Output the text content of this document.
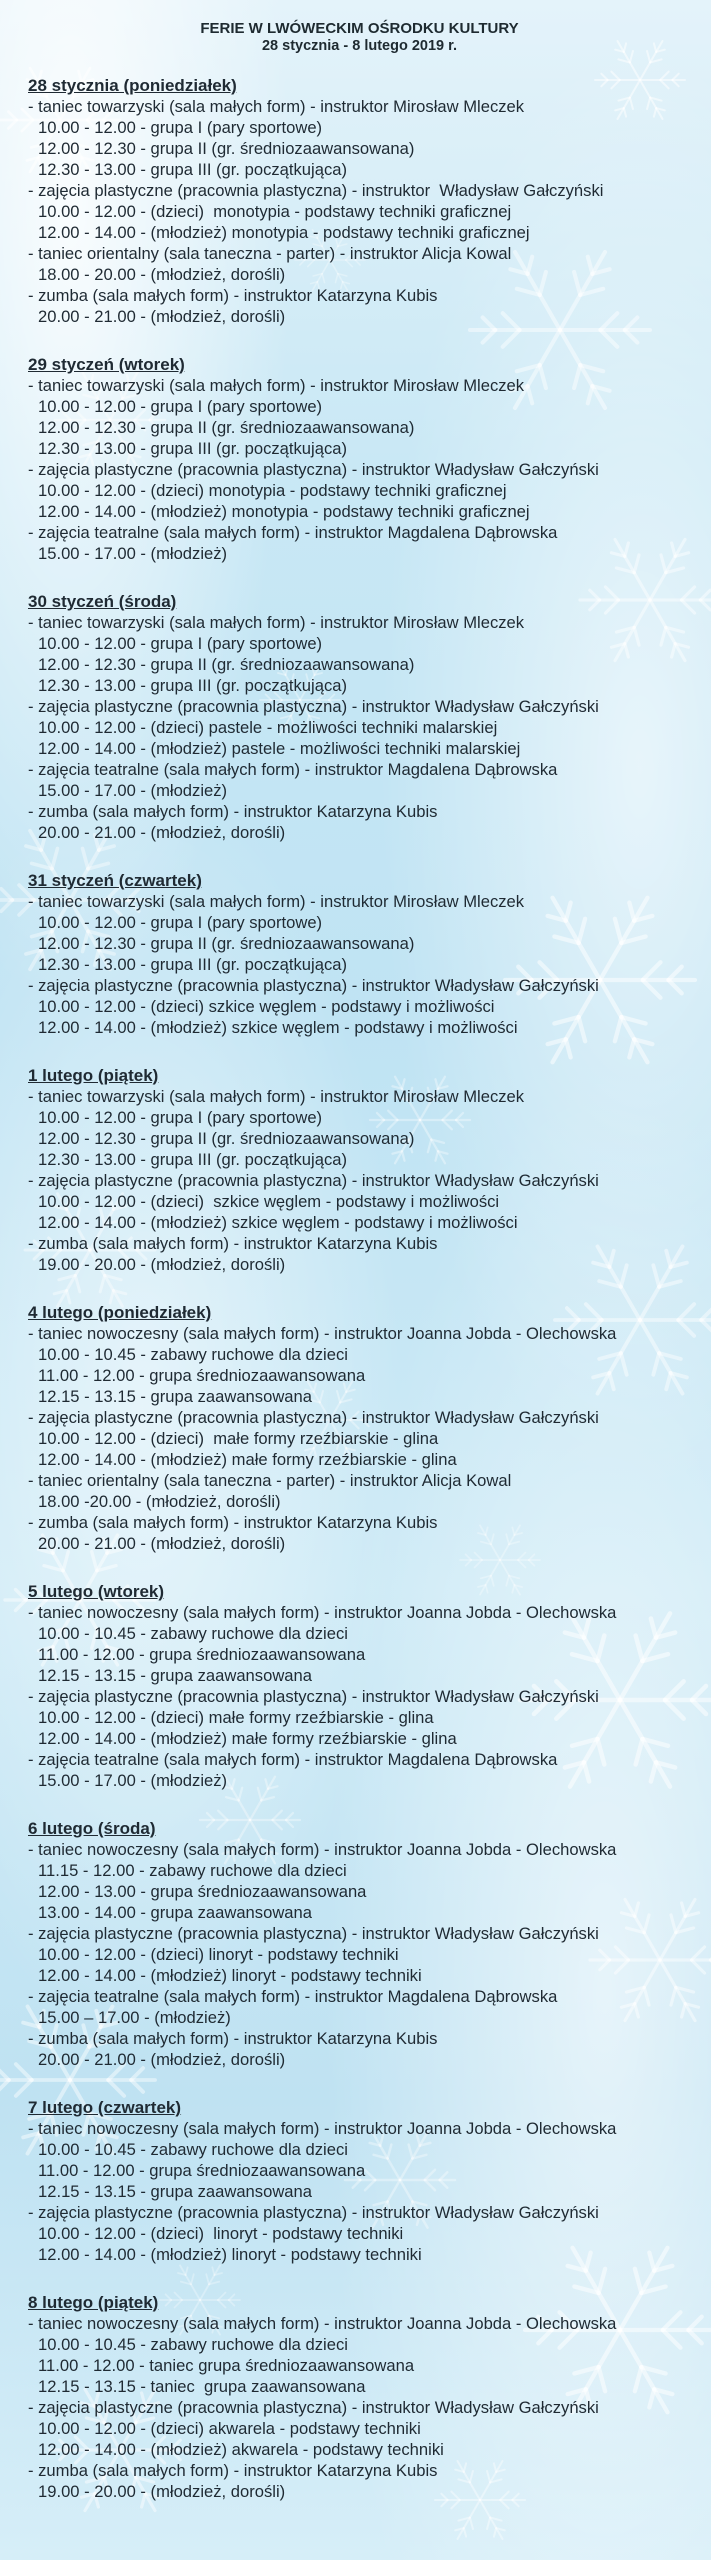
FERIE W LWÓWECKIM OŚRODKU KULTURY
28 stycznia - 8 lutego 2019 r.
28 stycznia (poniedziałek)
- taniec towarzyski (sala małych form) - instruktor Mirosław Mleczek
10.00 - 12.00 - grupa I (pary sportowe)
12.00 - 12.30 - grupa II (gr. średniozaawansowana)
12.30 - 13.00 - grupa III (gr. początkująca)
- zajęcia plastyczne (pracownia plastyczna) - instruktor  Władysław Gałczyński
10.00 - 12.00 - (dzieci)  monotypia - podstawy techniki graficznej
12.00 - 14.00 - (młodzież) monotypia - podstawy techniki graficznej
- taniec orientalny (sala taneczna - parter) - instruktor Alicja Kowal
18.00 - 20.00 - (młodzież, dorośli)
- zumba (sala małych form) - instruktor Katarzyna Kubis
20.00 - 21.00 - (młodzież, dorośli)
29 styczeń (wtorek)
- taniec towarzyski (sala małych form) - instruktor Mirosław Mleczek
10.00 - 12.00 - grupa I (pary sportowe)
12.00 - 12.30 - grupa II (gr. średniozaawansowana)
12.30 - 13.00 - grupa III (gr. początkująca)
- zajęcia plastyczne (pracownia plastyczna) - instruktor Władysław Gałczyński
10.00 - 12.00 - (dzieci) monotypia - podstawy techniki graficznej
12.00 - 14.00 - (młodzież) monotypia - podstawy techniki graficznej
- zajęcia teatralne (sala małych form) - instruktor Magdalena Dąbrowska
15.00 - 17.00 - (młodzież)
30 styczeń (środa)
- taniec towarzyski (sala małych form) - instruktor Mirosław Mleczek
10.00 - 12.00 - grupa I (pary sportowe)
12.00 - 12.30 - grupa II (gr. średniozaawansowana)
12.30 - 13.00 - grupa III (gr. początkująca)
- zajęcia plastyczne (pracownia plastyczna) - instruktor Władysław Gałczyński
10.00 - 12.00 - (dzieci) pastele - możliwości techniki malarskiej
12.00 - 14.00 - (młodzież) pastele - możliwości techniki malarskiej
- zajęcia teatralne (sala małych form) - instruktor Magdalena Dąbrowska
15.00 - 17.00 - (młodzież)
- zumba (sala małych form) - instruktor Katarzyna Kubis
20.00 - 21.00 - (młodzież, dorośli)
31 styczeń (czwartek)
- taniec towarzyski (sala małych form) - instruktor Mirosław Mleczek
10.00 - 12.00 - grupa I (pary sportowe)
12.00 - 12.30 - grupa II (gr. średniozaawansowana)
12.30 - 13.00 - grupa III (gr. początkująca)
- zajęcia plastyczne (pracownia plastyczna) - instruktor Władysław Gałczyński
10.00 - 12.00 - (dzieci) szkice węglem - podstawy i możliwości
12.00 - 14.00 - (młodzież) szkice węglem - podstawy i możliwości
1 lutego (piątek)
- taniec towarzyski (sala małych form) - instruktor Mirosław Mleczek
10.00 - 12.00 - grupa I (pary sportowe)
12.00 - 12.30 - grupa II (gr. średniozaawansowana)
12.30 - 13.00 - grupa III (gr. początkująca)
- zajęcia plastyczne (pracownia plastyczna) - instruktor Władysław Gałczyński
10.00 - 12.00 - (dzieci)  szkice węglem - podstawy i możliwości
12.00 - 14.00 - (młodzież) szkice węglem - podstawy i możliwości
- zumba (sala małych form) - instruktor Katarzyna Kubis
19.00 - 20.00 - (młodzież, dorośli)
4 lutego (poniedziałek)
- taniec nowoczesny (sala małych form) - instruktor Joanna Jobda - Olechowska
10.00 - 10.45 - zabawy ruchowe dla dzieci
11.00 - 12.00 - grupa średniozaawansowana
12.15 - 13.15 - grupa zaawansowana
- zajęcia plastyczne (pracownia plastyczna) - instruktor Władysław Gałczyński
10.00 - 12.00 - (dzieci)  małe formy rzeźbiarskie - glina
12.00 - 14.00 - (młodzież) małe formy rzeźbiarskie - glina
- taniec orientalny (sala taneczna - parter) - instruktor Alicja Kowal
18.00 -20.00 - (młodzież, dorośli)
- zumba (sala małych form) - instruktor Katarzyna Kubis
20.00 - 21.00 - (młodzież, dorośli)
5 lutego (wtorek)
- taniec nowoczesny (sala małych form) - instruktor Joanna Jobda - Olechowska
10.00 - 10.45 - zabawy ruchowe dla dzieci
11.00 - 12.00 - grupa średniozaawansowana
12.15 - 13.15 - grupa zaawansowana
- zajęcia plastyczne (pracownia plastyczna) - instruktor Władysław Gałczyński
10.00 - 12.00 - (dzieci) małe formy rzeźbiarskie - glina
12.00 - 14.00 - (młodzież) małe formy rzeźbiarskie - glina
- zajęcia teatralne (sala małych form) - instruktor Magdalena Dąbrowska
15.00 - 17.00 - (młodzież)
6 lutego (środa)
- taniec nowoczesny (sala małych form) - instruktor Joanna Jobda - Olechowska
11.15 - 12.00 - zabawy ruchowe dla dzieci
12.00 - 13.00 - grupa średniozaawansowana
13.00 - 14.00 - grupa zaawansowana
- zajęcia plastyczne (pracownia plastyczna) - instruktor Władysław Gałczyński
10.00 - 12.00 - (dzieci) linoryt - podstawy techniki
12.00 - 14.00 - (młodzież) linoryt - podstawy techniki
- zajęcia teatralne (sala małych form) - instruktor Magdalena Dąbrowska
15.00 – 17.00 - (młodzież)
- zumba (sala małych form) - instruktor Katarzyna Kubis
20.00 - 21.00 - (młodzież, dorośli)
7 lutego (czwartek)
- taniec nowoczesny (sala małych form) - instruktor Joanna Jobda - Olechowska
10.00 - 10.45 - zabawy ruchowe dla dzieci
11.00 - 12.00 - grupa średniozaawansowana
12.15 - 13.15 - grupa zaawansowana
- zajęcia plastyczne (pracownia plastyczna) - instruktor Władysław Gałczyński
10.00 - 12.00 - (dzieci)  linoryt - podstawy techniki
12.00 - 14.00 - (młodzież) linoryt - podstawy techniki
8 lutego (piątek)
- taniec nowoczesny (sala małych form) - instruktor Joanna Jobda - Olechowska
10.00 - 10.45 - zabawy ruchowe dla dzieci
11.00 - 12.00 - taniec grupa średniozaawansowana
12.15 - 13.15 - taniec  grupa zaawansowana
- zajęcia plastyczne (pracownia plastyczna) - instruktor Władysław Gałczyński
10.00 - 12.00 - (dzieci) akwarela - podstawy techniki
12.00 - 14.00 - (młodzież) akwarela - podstawy techniki
- zumba (sala małych form) - instruktor Katarzyna Kubis
19.00 - 20.00 - (młodzież, dorośli)
